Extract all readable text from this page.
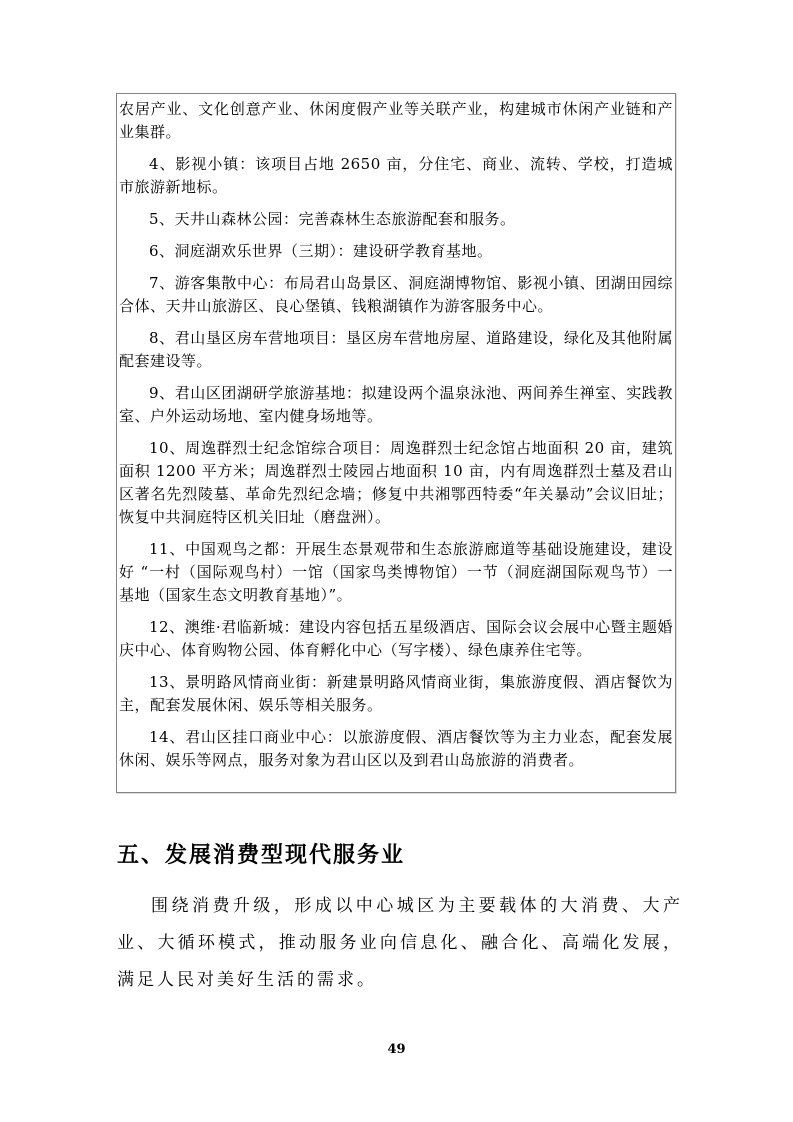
农居产业、文化创意产业、休闲度假产业等关联产业，构建城市休闲产业链和产业集群。

4、影视小镇：该项目占地 2650 亩，分住宅、商业、流转、学校，打造城市旅游新地标。

5、天井山森林公园：完善森林生态旅游配套和服务。

6、洞庭湖欢乐世界（三期）：建设研学教育基地。

7、游客集散中心：布局君山岛景区、洞庭湖博物馆、影视小镇、团湖田园综合体、天井山旅游区、良心堡镇、钱粮湖镇作为游客服务中心。

8、君山垦区房车营地项目：垦区房车营地房屋、道路建设，绿化及其他附属配套建设等。

9、君山区团湖研学旅游基地：拟建设两个温泉泳池、两间养生禅室、实践教室、户外运动场地、室内健身场地等。

10、周逸群烈士纪念馆综合项目：周逸群烈士纪念馆占地面积 20 亩，建筑面积 1200 平方米；周逸群烈士陵园占地面积 10 亩，内有周逸群烈士墓及君山区著名先烈陵墓、革命先烈纪念墙；修复中共湘鄂西特委“年关暴动”会议旧址；恢复中共洞庭特区机关旧址（磨盘洲）。

11、中国观鸟之都：开展生态景观带和生态旅游廊道等基础设施建设，建设好 “一村（国际观鸟村）一馆（国家鸟类博物馆）一节（洞庭湖国际观鸟节）一基地（国家生态文明教育基地）”。

12、澳维·君临新城：建设内容包括五星级酒店、国际会议会展中心暨主题婚庆中心、体育购物公园、体育孵化中心（写字楼）、绿色康养住宅等。

13、景明路风情商业街：新建景明路风情商业街，集旅游度假、酒店餐饮为主，配套发展休闲、娱乐等相关服务。

14、君山区挂口商业中心：以旅游度假、酒店餐饮等为主力业态，配套发展休闲、娱乐等网点，服务对象为君山区以及到君山岛旅游的消费者。

五、发展消费型现代服务业

围绕消费升级，形成以中心城区为主要载体的大消费、大产业、大循环模式，推动服务业向信息化、融合化、高端化发展，满足人民对美好生活的需求。

49
